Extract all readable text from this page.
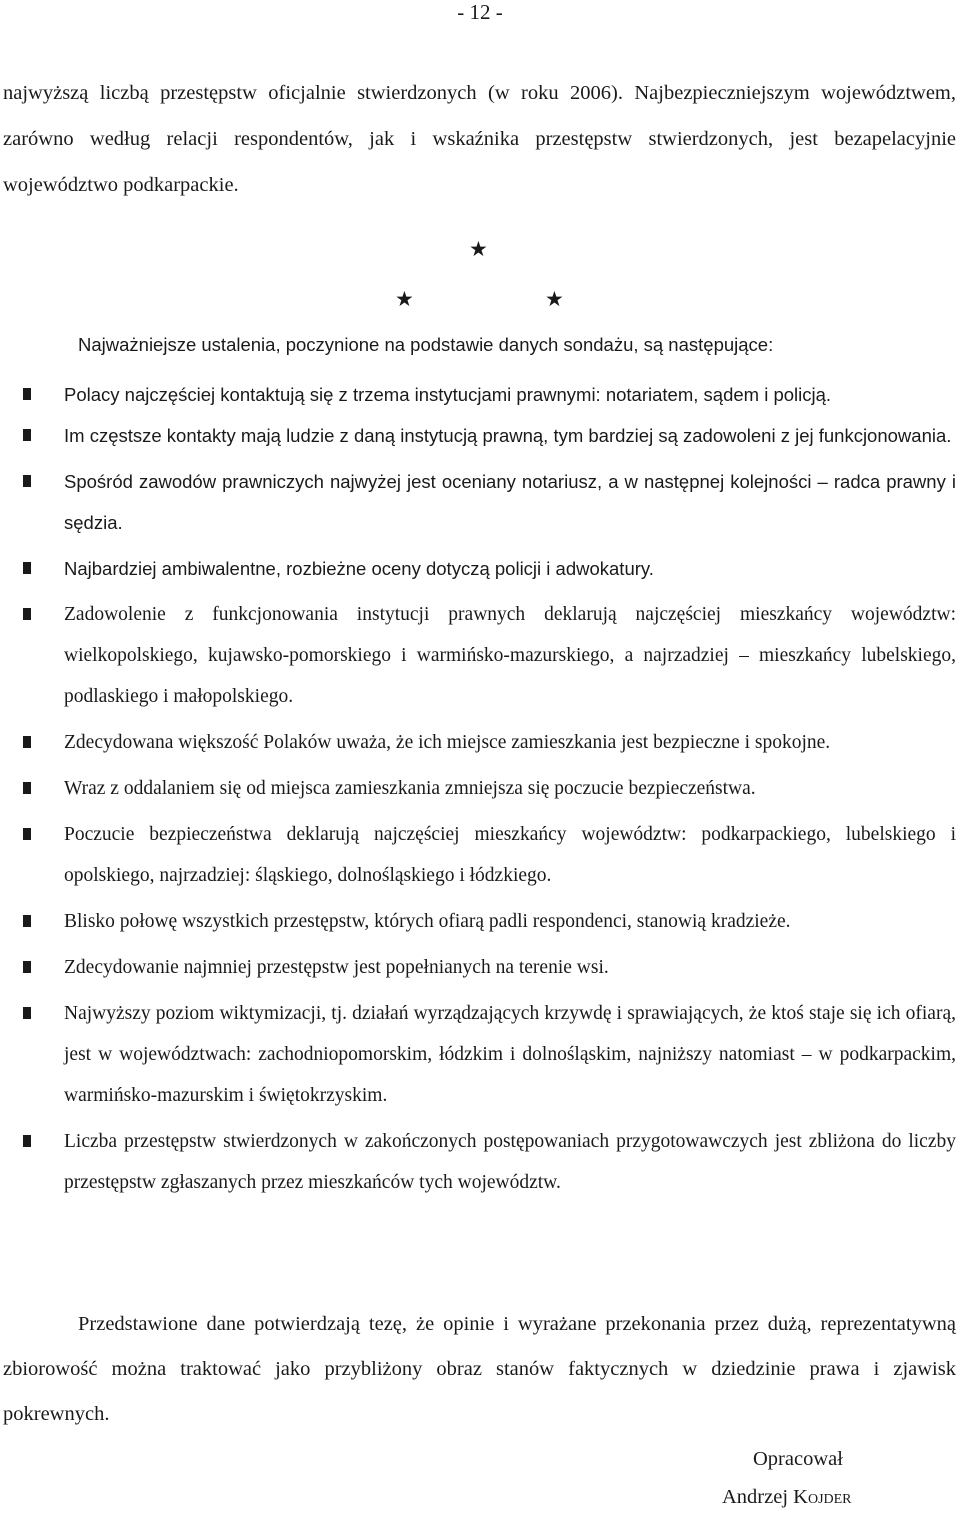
- 12 -

najwyższą liczbą przestępstw oficjalnie stwierdzonych (w roku 2006). Najbezpieczniejszym województwem, zarówno według relacji respondentów, jak i wskaźnika przestępstw stwierdzonych, jest bezapelacyjnie województwo podkarpackie.

★
★	★

Najważniejsze ustalenia, poczynione na podstawie danych sondażu, są następujące:

Polacy najczęściej kontaktują się z trzema instytucjami prawnymi: notariatem, sądem i policją.
Im częstsze kontakty mają ludzie z daną instytucją prawną, tym bardziej są zadowoleni z jej funkcjonowania.
Spośród zawodów prawniczych najwyżej jest oceniany notariusz, a w następnej kolejności – radca prawny i sędzia.
Najbardziej ambiwalentne, rozbieżne oceny dotyczą policji i adwokatury.
Zadowolenie z funkcjonowania instytucji prawnych deklarują najczęściej mieszkańcy województw: wielkopolskiego, kujawsko-pomorskiego i warmińsko-mazurskiego, a najrzadziej – mieszkańcy lubelskiego, podlaskiego i małopolskiego.
Zdecydowana większość Polaków uważa, że ich miejsce zamieszkania jest bezpieczne i spokojne.
Wraz z oddalaniem się od miejsca zamieszkania zmniejsza się poczucie bezpieczeństwa.
Poczucie bezpieczeństwa deklarują najczęściej mieszkańcy województw: podkarpackiego, lubelskiego i opolskiego, najrzadziej: śląskiego, dolnośląskiego i łódzkiego.
Blisko połowę wszystkich przestępstw, których ofiarą padli respondenci, stanowią kradzieże.
Zdecydowanie najmniej przestępstw jest popełnianych na terenie wsi.
Najwyższy poziom wiktymizacji, tj. działań wyrządzających krzywdę i sprawiających, że ktoś staje się ich ofiarą, jest w województwach: zachodniopomorskim, łódzkim i dolnośląskim, najniższy natomiast – w podkarpackim, warmińsko-mazurskim i świętokrzyskim.
Liczba przestępstw stwierdzonych w zakończonych postępowaniach przygotowawczych jest zbliżona do liczby przestępstw zgłaszanych przez mieszkańców tych województw.

Przedstawione dane potwierdzają tezę, że opinie i wyrażane przekonania przez dużą, reprezentatywną zbiorowość można traktować jako przybliżony obraz stanów faktycznych w dziedzinie prawa i zjawisk pokrewnych.

Opracował
Andrzej Kojder
